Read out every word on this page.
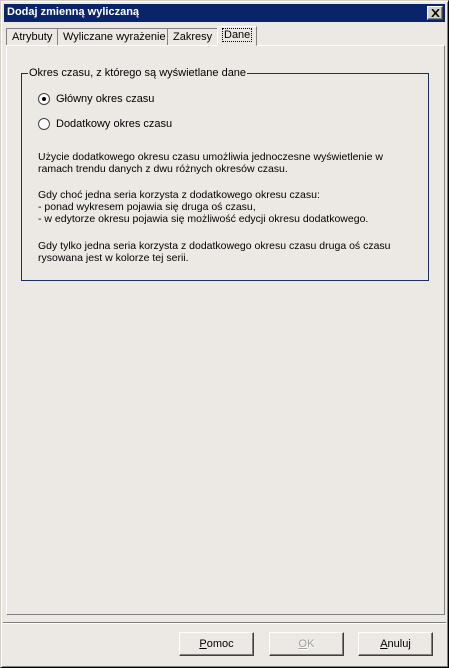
Dodaj zmienną wyliczaną
Atrybuty Wyliczane wyrażenie Zakresy	Dane
Okres czasu, z którego są wyświetlane dane
Główny okres czasu
Dodatkowy okres czasu

Użycie dodatkowego okresu czasu umożliwia jednoczesne wyświetlenie w

ramach trendu danych z dwu różnych okresów czasu.

Gdy choć jedna seria korzysta z dodatkowego okresu czasu:

- ponad wykresem pojawia się druga oś czasu,

- w edytorze okresu pojawia się możliwość edycji okresu dodatkowego.

Gdy tylko jedna seria korzysta z dodatkowego okresu czasu druga oś czasu

rysowana jest w kolorze tej serii.

Pomoc	OK	Anuluj
